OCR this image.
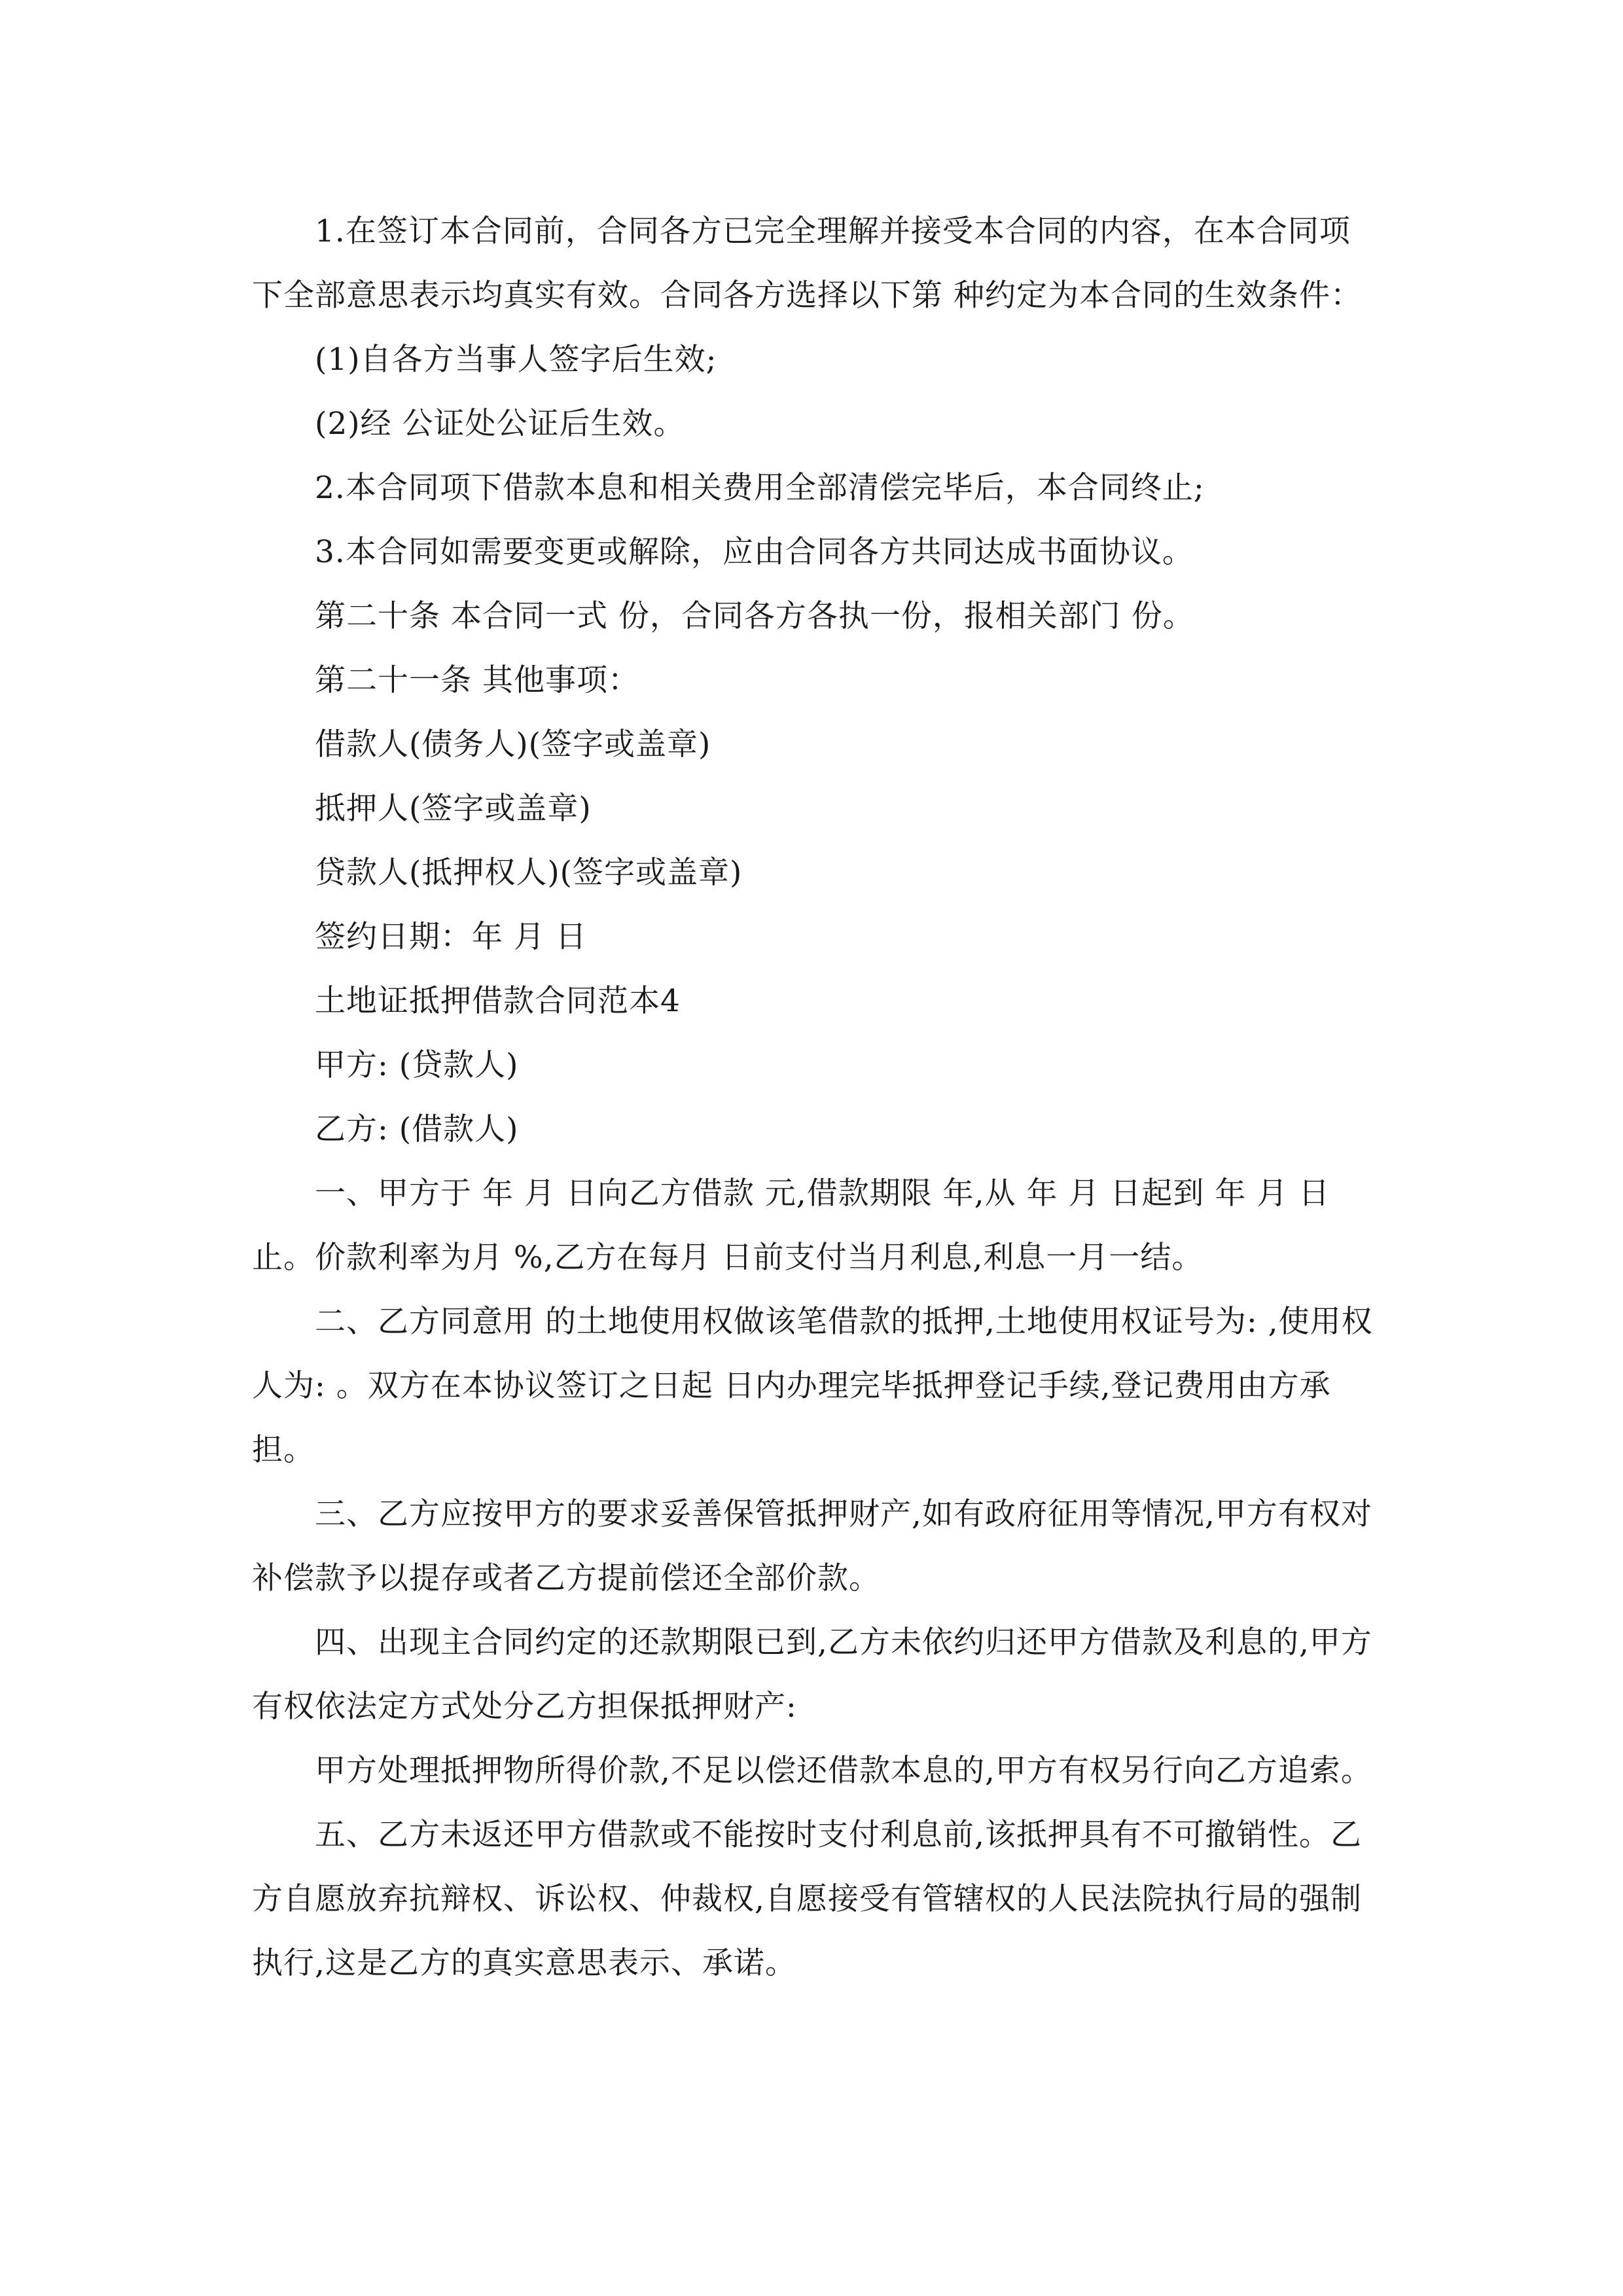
1.在签订本合同前，合同各方已完全理解并接受本合同的内容，在本合同项下全部意思表示均真实有效。合同各方选择以下第 种约定为本合同的生效条件：

(1)自各方当事人签字后生效;

(2)经 公证处公证后生效。

2.本合同项下借款本息和相关费用全部清偿完毕后，本合同终止;

3.本合同如需要变更或解除，应由合同各方共同达成书面协议。

第二十条 本合同一式 份，合同各方各执一份，报相关部门 份。

第二十一条 其他事项：

借款人(债务人)(签字或盖章)

抵押人(签字或盖章)

贷款人(抵押权人)(签字或盖章)

签约日期：年 月 日

土地证抵押借款合同范本4

甲方: (贷款人)

乙方: (借款人)

一、甲方于 年 月 日向乙方借款 元,借款期限 年,从 年 月 日起到 年 月 日止。价款利率为月 %,乙方在每月 日前支付当月利息,利息一月一结。

二、乙方同意用 的土地使用权做该笔借款的抵押,土地使用权证号为: ,使用权人为: 。双方在本协议签订之日起 日内办理完毕抵押登记手续,登记费用由方承担。

三、乙方应按甲方的要求妥善保管抵押财产,如有政府征用等情况,甲方有权对补偿款予以提存或者乙方提前偿还全部价款。

四、出现主合同约定的还款期限已到,乙方未依约归还甲方借款及利息的,甲方有权依法定方式处分乙方担保抵押财产:

甲方处理抵押物所得价款,不足以偿还借款本息的,甲方有权另行向乙方追索。

五、乙方未返还甲方借款或不能按时支付利息前,该抵押具有不可撤销性。乙方自愿放弃抗辩权、诉讼权、仲裁权,自愿接受有管辖权的人民法院执行局的强制执行,这是乙方的真实意思表示、承诺。
